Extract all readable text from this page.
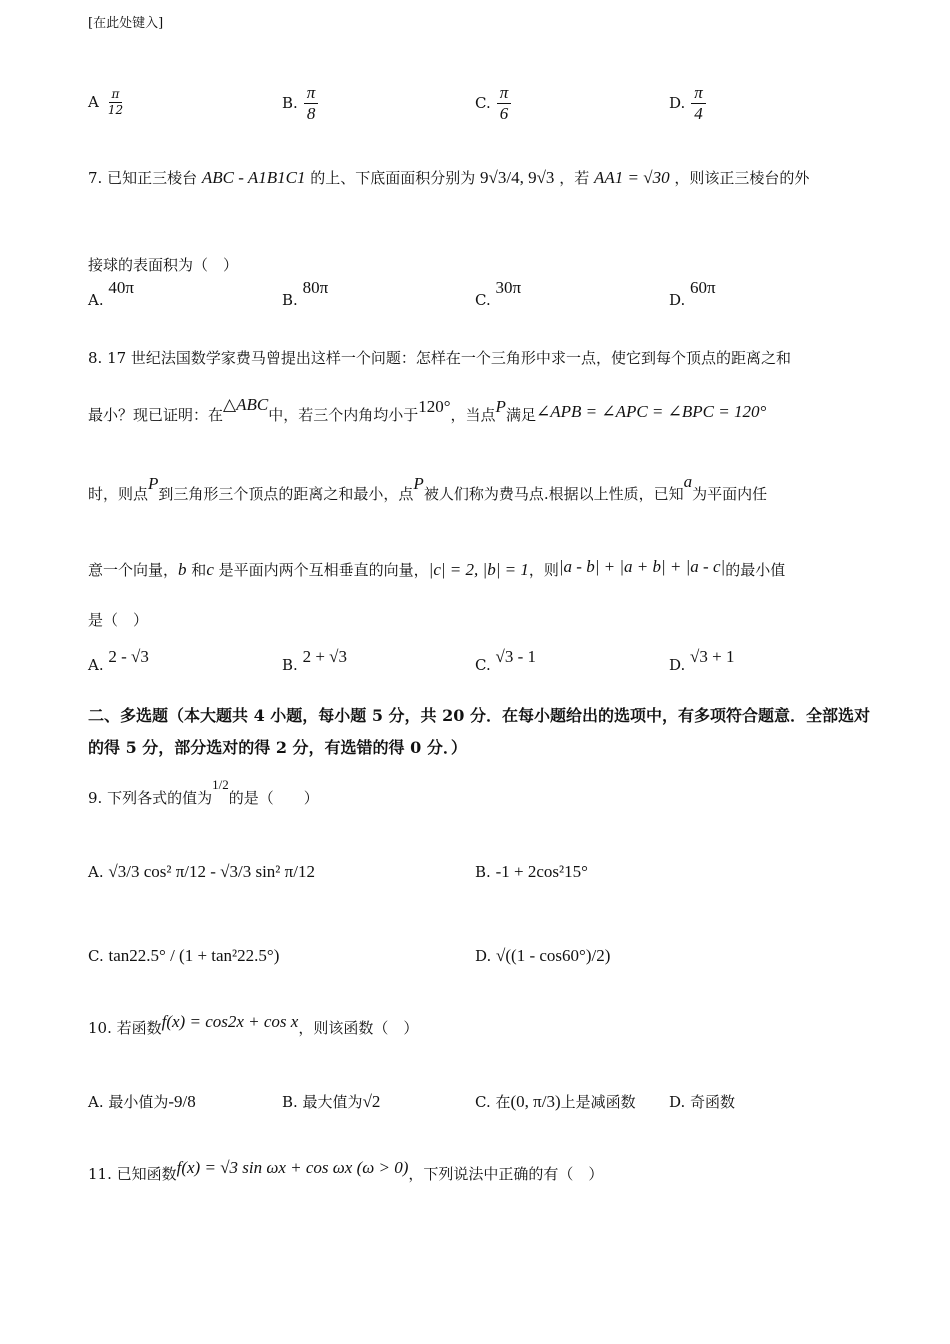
[在此处键入]
A $\frac{\pi}{12}$	B. $\frac{\pi}{8}$	C. $\frac{\pi}{6}$	D. $\frac{\pi}{4}$
7. 已知正三棱台 ABC - A1B1C1 的上、下底面面积分别为 9√3/4, 9√3 ，若 AA1 = √30 ，则该正三棱台的外
接球的表面积为（　）
A. 40π
B. 80π
C. 30π
D. 60π
8. 17 世纪法国数学家费马曾提出这样一个问题：怎样在一个三角形中求一点，使它到每个顶点的距离之和
最小？现已证明：在△ABC中，若三个内角均小于120°，当点P满足∠APB = ∠APC = ∠BPC = 120°
时，则点P到三角形三个顶点的距离之和最小，点P被人们称为费马点.根据以上性质，已知a为平面内任
意一个向量，b 和c 是平面内两个互相垂直的向量，|c| = 2, |b| = 1，则|a - b| + |a + b| + |a - c|的最小值
是（　）
A. 2 - √3	B. 2 + √3	C. √3 - 1	D. √3 + 1
二、多选题（本大题共 4 小题，每小题 5 分，共 20 分．在每小题给出的选项中，有多项符合题意．全部选对的得 5 分，部分选对的得 2 分，有选错的得 0 分．）
9. 下列各式的值为1/2的是（　　）
A. √3/3 cos² π/12 - √3/3 sin² π/12	B. -1 + 2cos²15°
C. tan22.5° / (1 + tan²22.5°)	D. √((1 - cos60°)/2)
10. 若函数f(x) = cos2x + cos x，则该函数（　）
A. 最小值为-9/8	B. 最大值为√2	C. 在(0, π/3)上是减函数 D. 奇函数
11. 已知函数f(x) = √3 sin ωx + cos ωx (ω > 0)，下列说法中正确的有（　）
